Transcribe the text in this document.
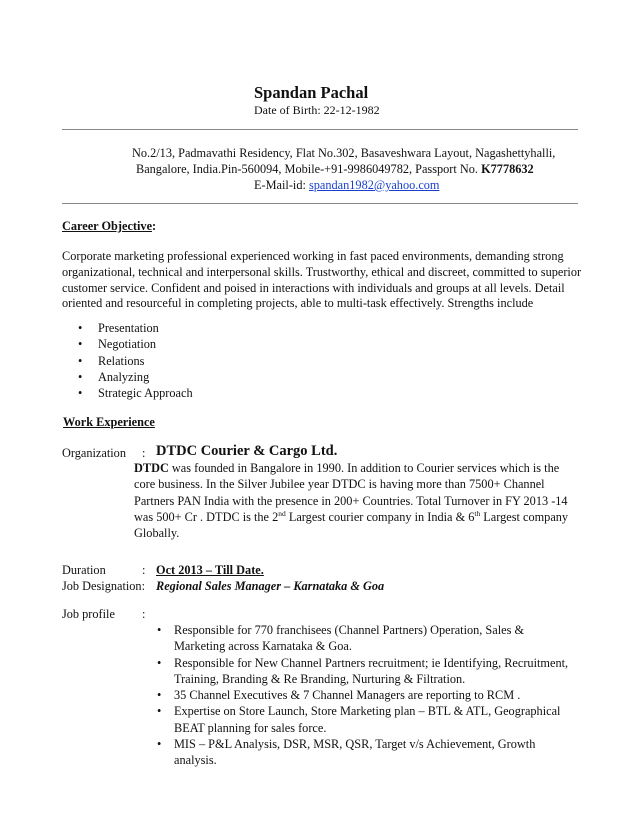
Spandan Pachal
Date of Birth: 22-12-1982
No.2/13, Padmavathi Residency, Flat No.302, Basaveshwara Layout, Nagashettyhalli,
Bangalore, India.Pin-560094, Mobile-+91-9986049782, Passport No. K7778632
E-Mail-id: spandan1982@yahoo.com
Career Objective:
Corporate marketing professional experienced working in fast paced environments, demanding strong organizational, technical and interpersonal skills. Trustworthy, ethical and discreet, committed to superior customer service. Confident and poised in interactions with individuals and groups at all levels. Detail oriented and resourceful in completing projects, able to multi-task effectively. Strengths include
• Presentation
• Negotiation
• Relations
• Analyzing
• Strategic Approach
Work Experience
Organization : DTDC Courier & Cargo Ltd.
DTDC was founded in Bangalore in 1990. In addition to Courier services which is the core business. In the Silver Jubilee year DTDC is having more than 7500+ Channel Partners PAN India with the presence in 200+ Countries. Total Turnover in FY 2013 -14 was 500+ Cr . DTDC is the 2nd Largest courier company in India & 6th Largest company Globally.
Duration	: Oct 2013 – Till Date.
Job Designation: Regional Sales Manager – Karnataka & Goa
Job profile :
• Responsible for 770 franchisees (Channel Partners) Operation, Sales & Marketing across Karnataka & Goa.
• Responsible for New Channel Partners recruitment; ie Identifying, Recruitment, Training, Branding & Re Branding, Nurturing & Filtration.
• 35 Channel Executives & 7 Channel Managers are reporting to RCM .
• Expertise on Store Launch, Store Marketing plan – BTL & ATL, Geographical BEAT planning for sales force.
• MIS – P&L Analysis, DSR, MSR, QSR, Target v/s Achievement, Growth analysis.
